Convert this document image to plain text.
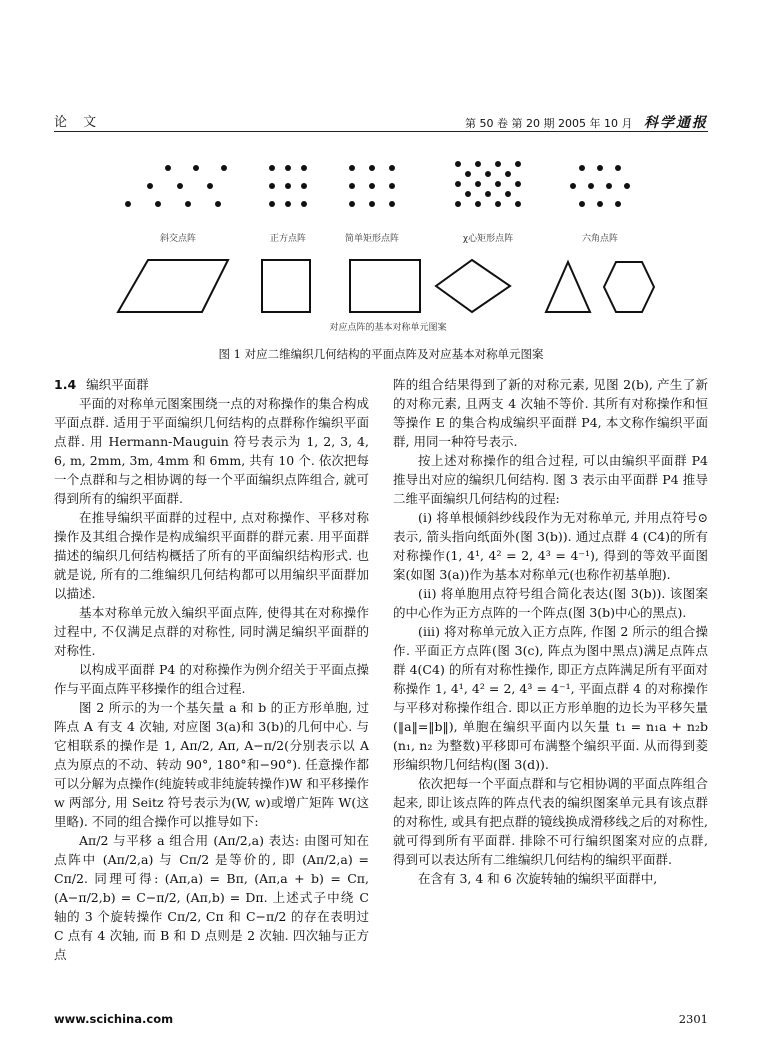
论 文	第 50 卷 第 20 期 2005 年 10 月 科学通报
斜交点阵	正方点阵	简单矩形点阵	χ心矩形点阵	六角点阵
对应点阵的基本对称单元图案
图 1 对应二维编织几何结构的平面点阵及对应基本对称单元图案

1.4 编织平面群

平面的对称单元图案围绕一点的对称操作的集合构成平面点群. 适用于平面编织几何结构的点群称作编织平面点群. 用 Hermann-Mauguin 符号表示为 1, 2, 3, 4, 6, m, 2mm, 3m, 4mm 和 6mm, 共有 10 个. 依次把每一个点群和与之相协调的每一个平面编织点阵组合, 就可得到所有的编织平面群.

在推导编织平面群的过程中, 点对称操作、平移对称操作及其组合操作是构成编织平面群的群元素. 用平面群描述的编织几何结构概括了所有的平面编织结构形式. 也就是说, 所有的二维编织几何结构都可以用编织平面群加以描述.

基本对称单元放入编织平面点阵, 使得其在对称操作过程中, 不仅满足点群的对称性, 同时满足编织平面群的对称性.

以构成平面群 P4 的对称操作为例介绍关于平面点操作与平面点阵平移操作的组合过程.

图 2 所示的为一个基矢量 a 和 b 的正方形单胞, 过阵点 A 有支 4 次轴, 对应图 3(a)和 3(b)的几何中心. 与它相联系的操作是 1, Aπ/2, Aπ, A−π/2(分别表示以 A 点为原点的不动、转动 90°, 180°和−90°). 任意操作都可以分解为点操作(纯旋转或非纯旋转操作)W 和平移操作 w 两部分, 用 Seitz 符号表示为(W, w)或增广矩阵 W(这里略). 不同的组合操作可以推导如下:

Aπ/2 与平移 a 组合用 (Aπ/2,a) 表达: 由图可知在点阵中 (Aπ/2,a) 与 Cπ/2 是等价的, 即 (Aπ/2,a) = Cπ/2. 同理可得: (Aπ,a) = Bπ, (Aπ,a + b) = Cπ, (A−π/2,b) = C−π/2, (Aπ,b) = Dπ. 上述式子中绕 C 轴的 3 个旋转操作 Cπ/2, Cπ 和 C−π/2 的存在表明过 C 点有 4 次轴, 而 B 和 D 点则是 2 次轴. 四次轴与正方点

阵的组合结果得到了新的对称元素, 见图 2(b), 产生了新的对称元素, 且两支 4 次轴不等价. 其所有对称操作和恒等操作 E 的集合构成编织平面群 P4, 本文称作编织平面群, 用同一种符号表示.

按上述对称操作的组合过程, 可以由编织平面群 P4 推导出对应的编织几何结构. 图 3 表示由平面群 P4 推导二维平面编织几何结构的过程:

(ⅰ) 将单根倾斜纱线段作为无对称单元, 并用点符号⊙表示, 箭头指向纸面外(图 3(b)). 通过点群 4 (C4)的所有对称操作(1, 4¹, 4² = 2, 4³ = 4⁻¹), 得到的等效平面图案(如图 3(a))作为基本对称单元(也称作初基单胞).

(ⅱ) 将单胞用点符号组合简化表达(图 3(b)). 该图案的中心作为正方点阵的一个阵点(图 3(b)中心的黑点).

(ⅲ) 将对称单元放入正方点阵, 作图 2 所示的组合操作. 平面正方点阵(图 3(c), 阵点为图中黑点)满足点阵点群 4(C4) 的所有对称性操作, 即正方点阵满足所有平面对称操作 1, 4¹, 4² = 2, 4³ = 4⁻¹, 平面点群 4 的对称操作与平移对称操作组合. 即以正方形单胞的边长为平移矢量 (‖a‖=‖b‖), 单胞在编织平面内以矢量 t₁ = n₁a + n₂b (n₁, n₂ 为整数)平移即可布满整个编织平面. 从而得到菱形编织物几何结构(图 3(d)).

依次把每一个平面点群和与它相协调的平面点阵组合起来, 即让该点阵的阵点代表的编织图案单元具有该点群的对称性, 或具有把点群的镜线换成滑移线之后的对称性, 就可得到所有平面群. 排除不可行编织图案对应的点群, 得到可以表达所有二维编织几何结构的编织平面群.

在含有 3, 4 和 6 次旋转轴的编织平面群中,

www.scichina.com	2301
